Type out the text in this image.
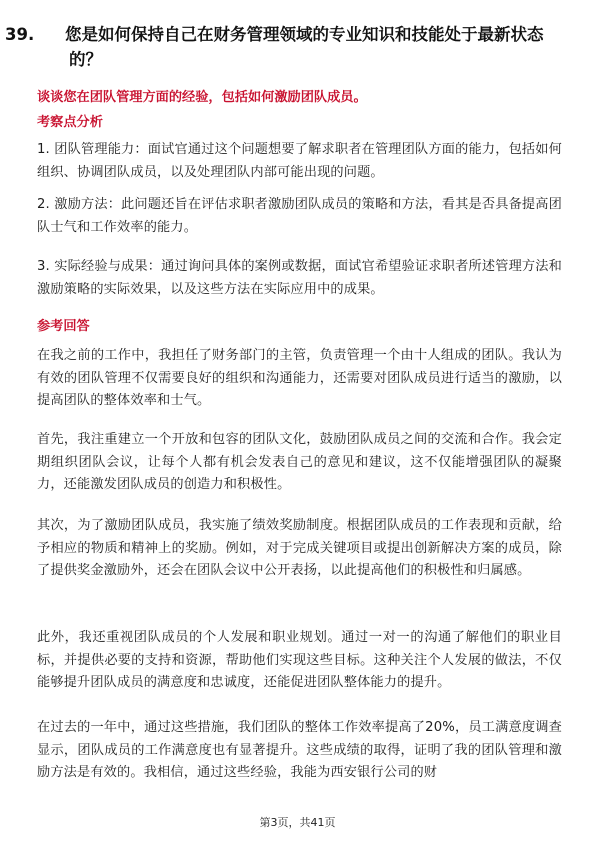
39. 您是如何保持自己在财务管理领域的专业知识和技能处于最新状态的？
谈谈您在团队管理方面的经验，包括如何激励团队成员。
考察点分析
1. 团队管理能力：面试官通过这个问题想要了解求职者在管理团队方面的能力，包括如何组织、协调团队成员，以及处理团队内部可能出现的问题。
2. 激励方法：此问题还旨在评估求职者激励团队成员的策略和方法，看其是否具备提高团队士气和工作效率的能力。
3. 实际经验与成果：通过询问具体的案例或数据，面试官希望验证求职者所述管理方法和激励策略的实际效果，以及这些方法在实际应用中的成果。
参考回答
在我之前的工作中，我担任了财务部门的主管，负责管理一个由十人组成的团队。我认为有效的团队管理不仅需要良好的组织和沟通能力，还需要对团队成员进行适当的激励，以提高团队的整体效率和士气。
首先，我注重建立一个开放和包容的团队文化，鼓励团队成员之间的交流和合作。我会定期组织团队会议，让每个人都有机会发表自己的意见和建议，这不仅能增强团队的凝聚力，还能激发团队成员的创造力和积极性。
其次，为了激励团队成员，我实施了绩效奖励制度。根据团队成员的工作表现和贡献，给予相应的物质和精神上的奖励。例如，对于完成关键项目或提出创新解决方案的成员，除了提供奖金激励外，还会在团队会议中公开表扬，以此提高他们的积极性和归属感。
此外，我还重视团队成员的个人发展和职业规划。通过一对一的沟通了解他们的职业目标，并提供必要的支持和资源，帮助他们实现这些目标。这种关注个人发展的做法，不仅能够提升团队成员的满意度和忠诚度，还能促进团队整体能力的提升。
在过去的一年中，通过这些措施，我们团队的整体工作效率提高了20%，员工满意度调查显示，团队成员的工作满意度也有显著提升。这些成绩的取得，证明了我的团队管理和激励方法是有效的。我相信，通过这些经验，我能为西安银行公司的财
第3页，共41页
